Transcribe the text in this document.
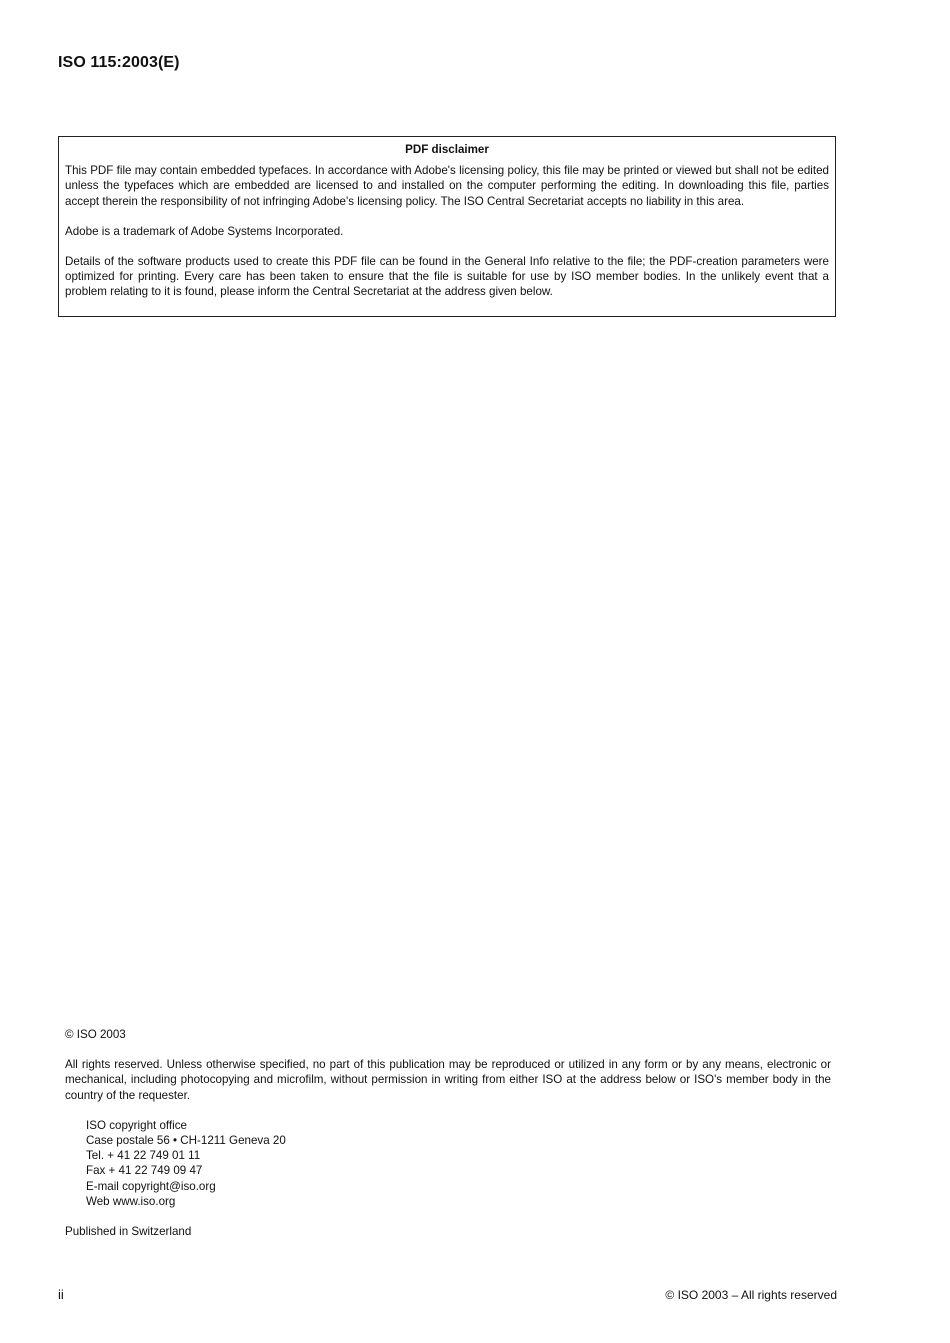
ISO 115:2003(E)
PDF disclaimer

This PDF file may contain embedded typefaces. In accordance with Adobe's licensing policy, this file may be printed or viewed but shall not be edited unless the typefaces which are embedded are licensed to and installed on the computer performing the editing. In downloading this file, parties accept therein the responsibility of not infringing Adobe's licensing policy. The ISO Central Secretariat accepts no liability in this area.

Adobe is a trademark of Adobe Systems Incorporated.

Details of the software products used to create this PDF file can be found in the General Info relative to the file; the PDF-creation parameters were optimized for printing. Every care has been taken to ensure that the file is suitable for use by ISO member bodies. In the unlikely event that a problem relating to it is found, please inform the Central Secretariat at the address given below.

© ISO 2003

All rights reserved. Unless otherwise specified, no part of this publication may be reproduced or utilized in any form or by any means, electronic or mechanical, including photocopying and microfilm, without permission in writing from either ISO at the address below or ISO's member body in the country of the requester.

ISO copyright office
Case postale 56 • CH-1211 Geneva 20
Tel. + 41 22 749 01 11
Fax + 41 22 749 09 47
E-mail copyright@iso.org
Web www.iso.org

Published in Switzerland

ii	© ISO 2003 – All rights reserved
